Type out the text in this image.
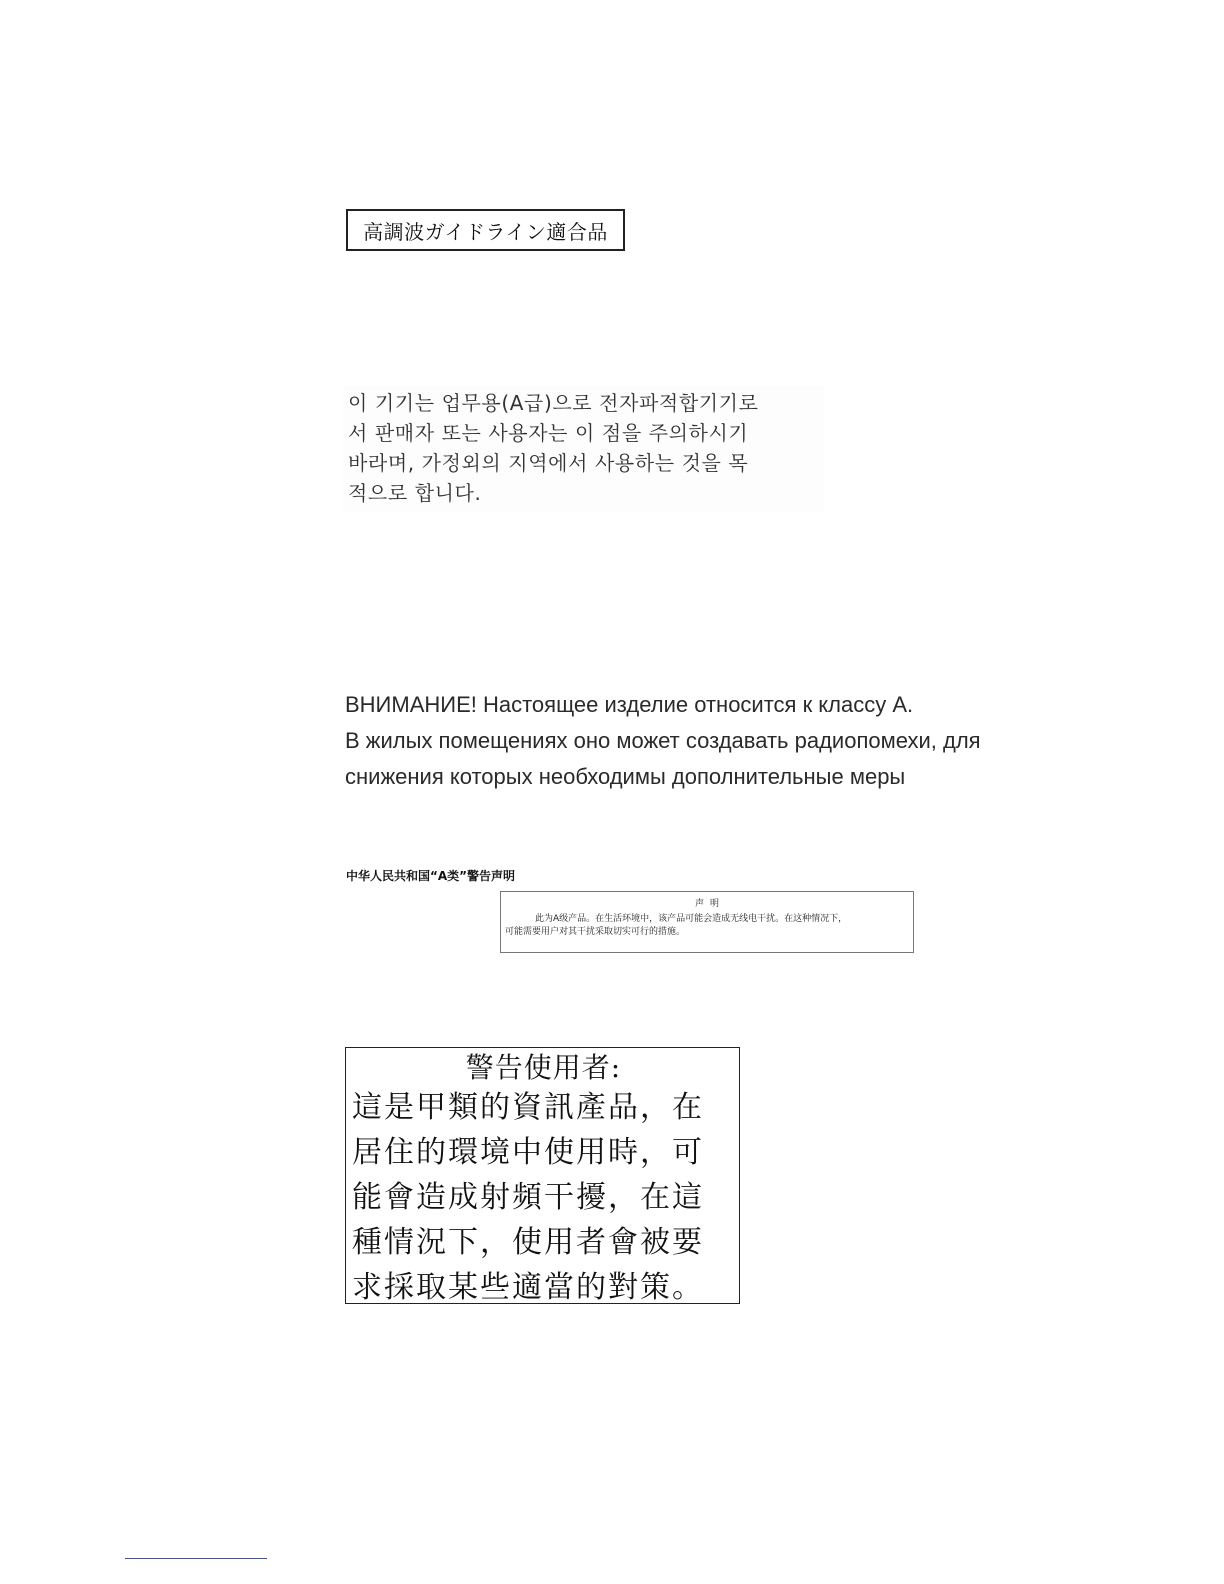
高調波ガイドライン適合品
이 기기는 업무용(A급)으로 전자파적합기기로
서 판매자 또는 사용자는 이 점을 주의하시기
바라며, 가정외의 지역에서 사용하는 것을 목
적으로 합니다.
ВНИМАНИЕ! Настоящее изделие относится к классу А.
В жилых помещениях оно может создавать радиопомехи, для
снижения которых необходимы дополнительные меры
中华人民共和国“A类”警告声明
声明
此为A级产品。在生活环境中，该产品可能会造成无线电干扰。在这种情况下，
可能需要用户对其干扰采取切实可行的措施。
警告使用者:
這是甲類的資訊產品，在
居住的環境中使用時，可
能會造成射頻干擾，在這
種情況下，使用者會被要
求採取某些適當的對策。
